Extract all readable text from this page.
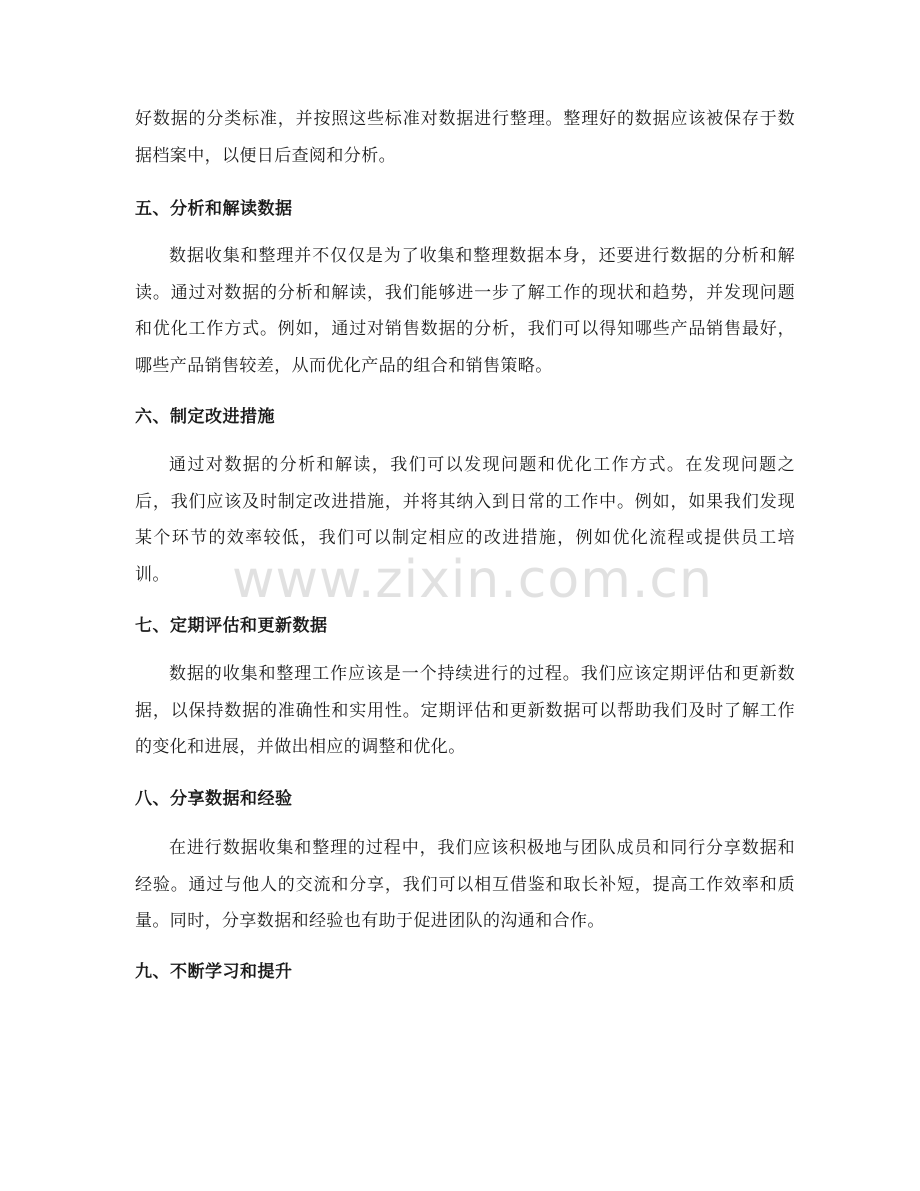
好数据的分类标准，并按照这些标准对数据进行整理。整理好的数据应该被保存于数据档案中，以便日后查阅和分析。

五、分析和解读数据

数据收集和整理并不仅仅是为了收集和整理数据本身，还要进行数据的分析和解读。通过对数据的分析和解读，我们能够进一步了解工作的现状和趋势，并发现问题和优化工作方式。例如，通过对销售数据的分析，我们可以得知哪些产品销售最好，哪些产品销售较差，从而优化产品的组合和销售策略。

六、制定改进措施

通过对数据的分析和解读，我们可以发现问题和优化工作方式。在发现问题之后，我们应该及时制定改进措施，并将其纳入到日常的工作中。例如，如果我们发现某个环节的效率较低，我们可以制定相应的改进措施，例如优化流程或提供员工培训。

七、定期评估和更新数据

数据的收集和整理工作应该是一个持续进行的过程。我们应该定期评估和更新数据，以保持数据的准确性和实用性。定期评估和更新数据可以帮助我们及时了解工作的变化和进展，并做出相应的调整和优化。

八、分享数据和经验

在进行数据收集和整理的过程中，我们应该积极地与团队成员和同行分享数据和经验。通过与他人的交流和分享，我们可以相互借鉴和取长补短，提高工作效率和质量。同时，分享数据和经验也有助于促进团队的沟通和合作。

九、不断学习和提升
www.zixin.com.cn
